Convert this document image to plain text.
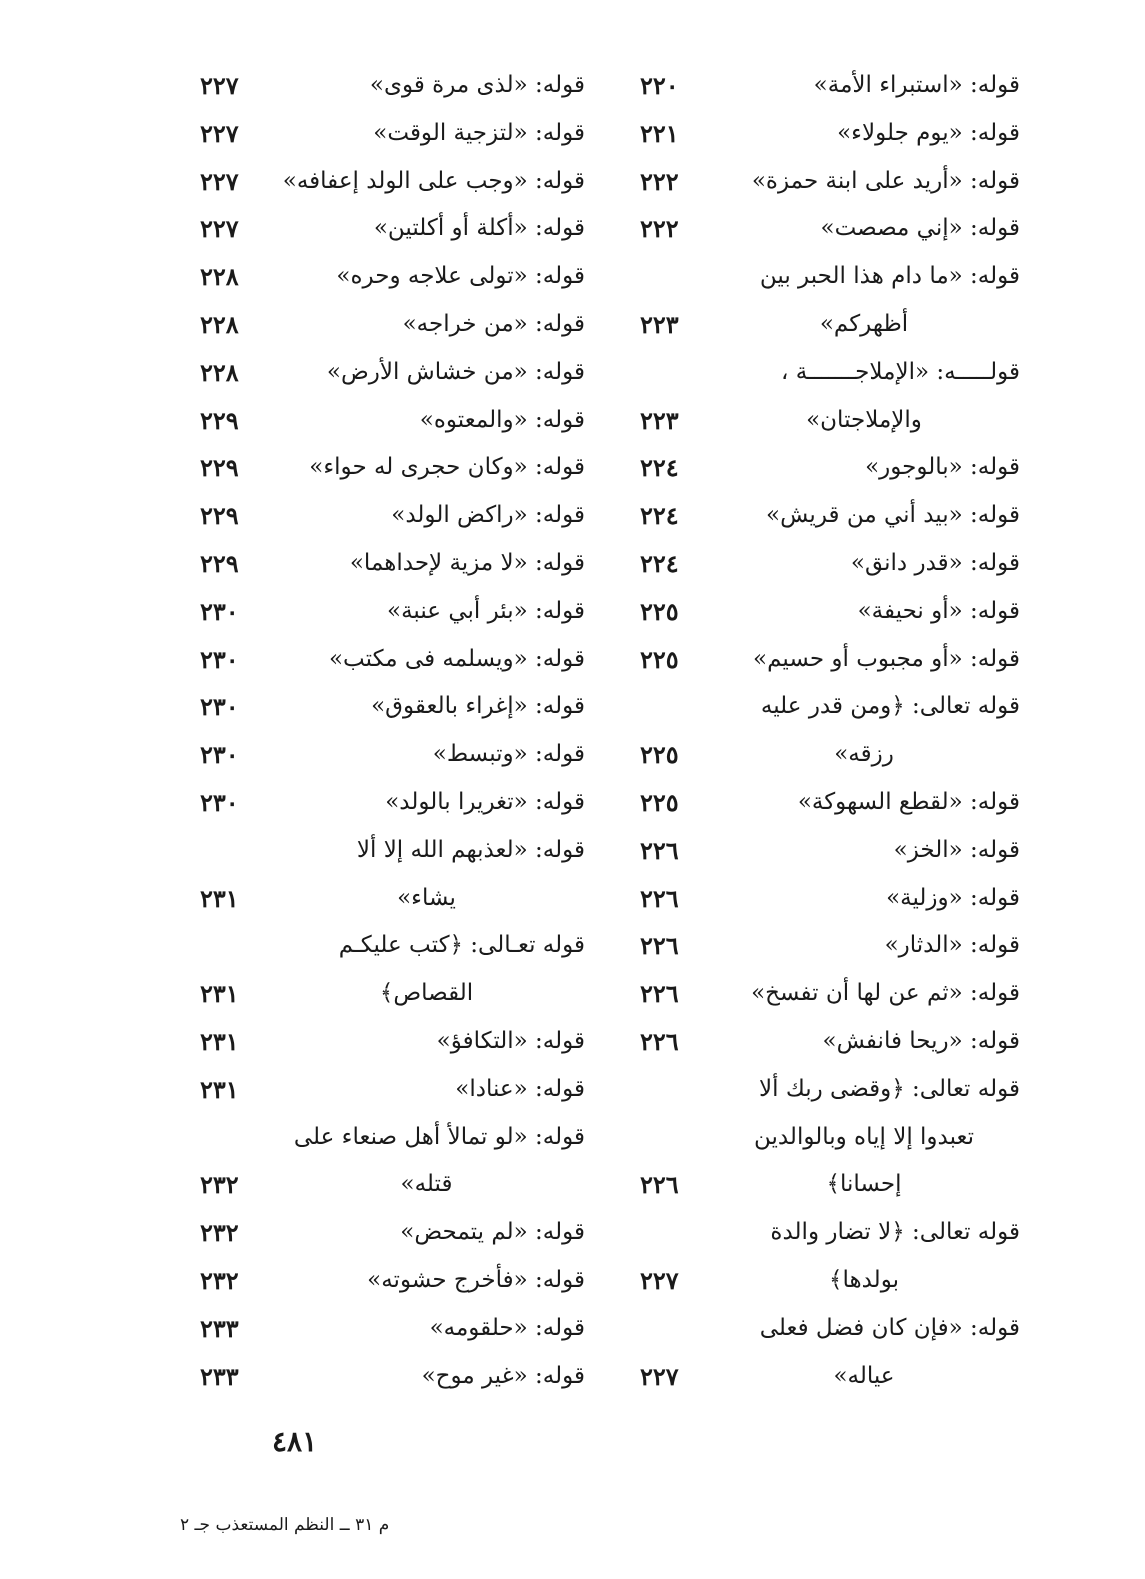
قوله: «استبراء الأمة»
٢٢٠
قوله: «يوم جلولاء»
٢٢١
قوله: «أريد على ابنة حمزة»
٢٢٢
قوله: «إني مصصت»
٢٢٢
قوله: «ما دام هذا الحبر بين
أظهركم»
٢٢٣
قولـــــه: «الإملاجـــــــة ،
والإملاجتان»
٢٢٣
قوله: «بالوجور»
٢٢٤
قوله: «بيد أني من قريش»
٢٢٤
قوله: «قدر دانق»
٢٢٤
قوله: «أو نحيفة»
٢٢٥
قوله: «أو مجبوب أو حسيم»
٢٢٥
قوله تعالى: ﴿ومن قدر عليه
رزقه»
٢٢٥
قوله: «لقطع السهوكة»
٢٢٥
قوله: «الخز»
٢٢٦
قوله: «وزلية»
٢٢٦
قوله: «الدثار»
٢٢٦
قوله: «ثم عن لها أن تفسخ»
٢٢٦
قوله: «ريحا فانفش»
٢٢٦
قوله تعالى: ﴿وقضى ربك ألا
تعبدوا إلا إياه وبالوالدين
إحسانا﴾
٢٢٦
قوله تعالى: ﴿لا تضار والدة
بولدها﴾
٢٢٧
قوله: «فإن كان فضل فعلى
عياله»
٢٢٧
قوله: «لذى مرة قوى»
٢٢٧
قوله: «لتزجية الوقت»
٢٢٧
قوله: «وجب على الولد إعفافه»
٢٢٧
قوله: «أكلة أو أكلتين»
٢٢٧
قوله: «تولى علاجه وحره»
٢٢٨
قوله: «من خراجه»
٢٢٨
قوله: «من خشاش الأرض»
٢٢٨
قوله: «والمعتوه»
٢٢٩
قوله: «وكان حجرى له حواء»
٢٢٩
قوله: «راكض الولد»
٢٢٩
قوله: «لا مزية لإحداهما»
٢٢٩
قوله: «بئر أبي عنبة»
٢٣٠
قوله: «ويسلمه فى مكتب»
٢٣٠
قوله: «إغراء بالعقوق»
٢٣٠
قوله: «وتبسط»
٢٣٠
قوله: «تغريرا بالولد»
٢٣٠
قوله: «لعذبهم الله إلا ألا
يشاء»
٢٣١
قوله تعـالى: ﴿كتب عليكـم
القصاص﴾
٢٣١
قوله: «التكافؤ»
٢٣١
قوله: «عنادا»
٢٣١
قوله: «لو تمالأ أهل صنعاء على
قتله»
٢٣٢
قوله: «لم يتمحض»
٢٣٢
قوله: «فأخرج حشوته»
٢٣٢
قوله: «حلقومه»
٢٣٣
قوله: «غير موح»
٢٣٣
٤٨١
م ٣١ ــ النظم المستعذب جـ ٢
